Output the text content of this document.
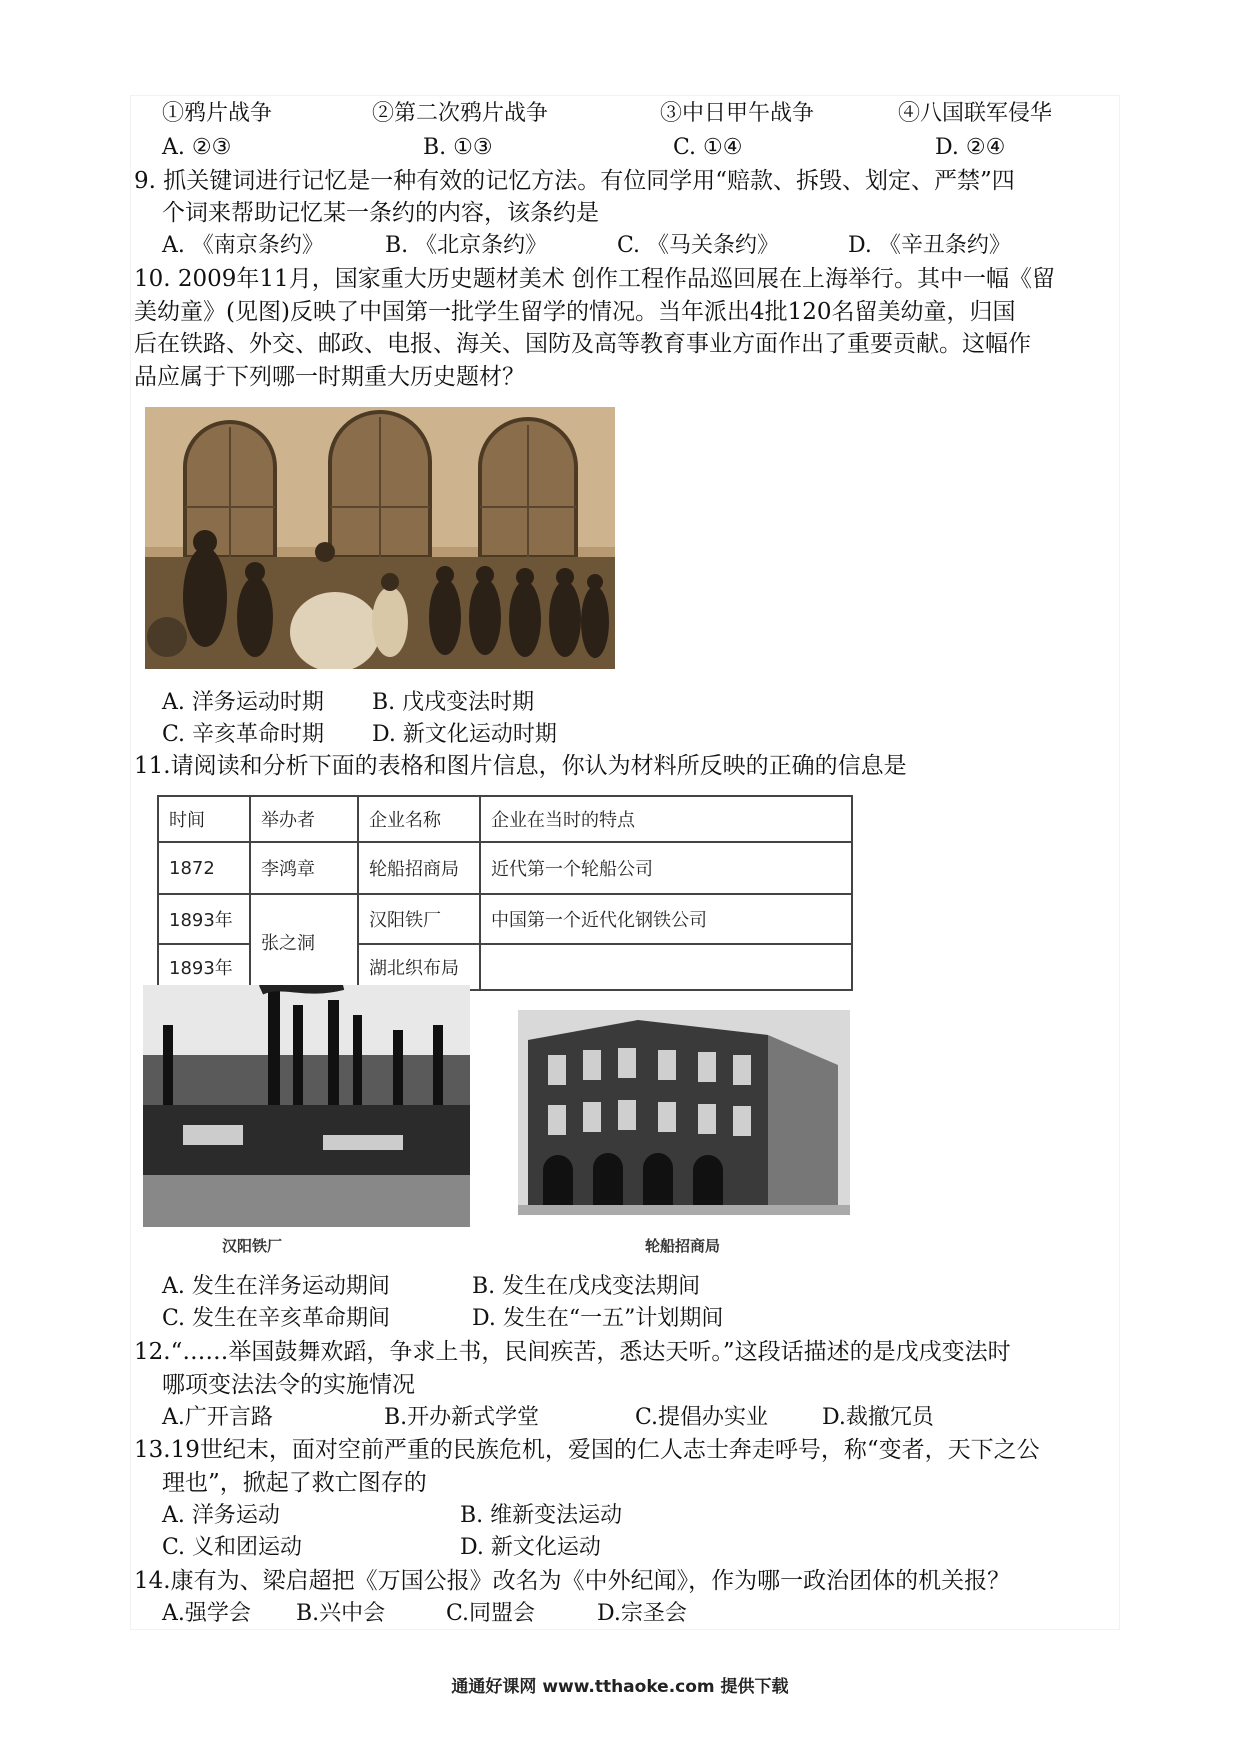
①鸦片战争	②第二次鸦片战争	③中日甲午战争	④八国联军侵华
A. ②③	B. ①③	C. ①④	D. ②④
9. 抓关键词进行记忆是一种有效的记忆方法。有位同学用“赔款、拆毁、划定、严禁”四
个词来帮助记忆某一条约的内容，该条约是
A. 《南京条约》	B. 《北京条约》	C. 《马关条约》	D. 《辛丑条约》
10. 2009年11月，国家重大历史题材美术 创作工程作品巡回展在上海举行。其中一幅《留
美幼童》(见图)反映了中国第一批学生留学的情况。当年派出4批120名留美幼童，归国
后在铁路、外交、邮政、电报、海关、国防及高等教育事业方面作出了重要贡献。这幅作
品应属于下列哪一时期重大历史题材？
A. 洋务运动时期 B. 戊戌变法时期
C. 辛亥革命时期 D. 新文化运动时期
11.请阅读和分析下面的表格和图片信息，你认为材料所反映的正确的信息是
时间	举办者	企业名称	企业在当时的特点
1872	李鸿章	轮船招商局	近代第一个轮船公司
1893年	张之洞	汉阳铁厂	中国第一个近代化钢铁公司
1893年		湖北织布局	
汉阳铁厂	轮船招商局
A. 发生在洋务运动期间	B. 发生在戊戌变法期间
C. 发生在辛亥革命期间	D. 发生在“一五”计划期间
12.“……举国鼓舞欢蹈，争求上书，民间疾苦，悉达天听。”这段话描述的是戊戌变法时
哪项变法法令的实施情况
A.广开言路	B.开办新式学堂	C.提倡办实业 D.裁撤冗员
13.19世纪末，面对空前严重的民族危机，爱国的仁人志士奔走呼号，称“变者，天下之公
理也”，掀起了救亡图存的
A. 洋务运动	B. 维新变法运动
C. 义和团运动	D. 新文化运动
14.康有为、梁启超把《万国公报》改名为《中外纪闻》，作为哪一政治团体的机关报？
A.强学会 B.兴中会	C.同盟会	D.宗圣会
通通好课网 www.tthaoke.com 提供下载
